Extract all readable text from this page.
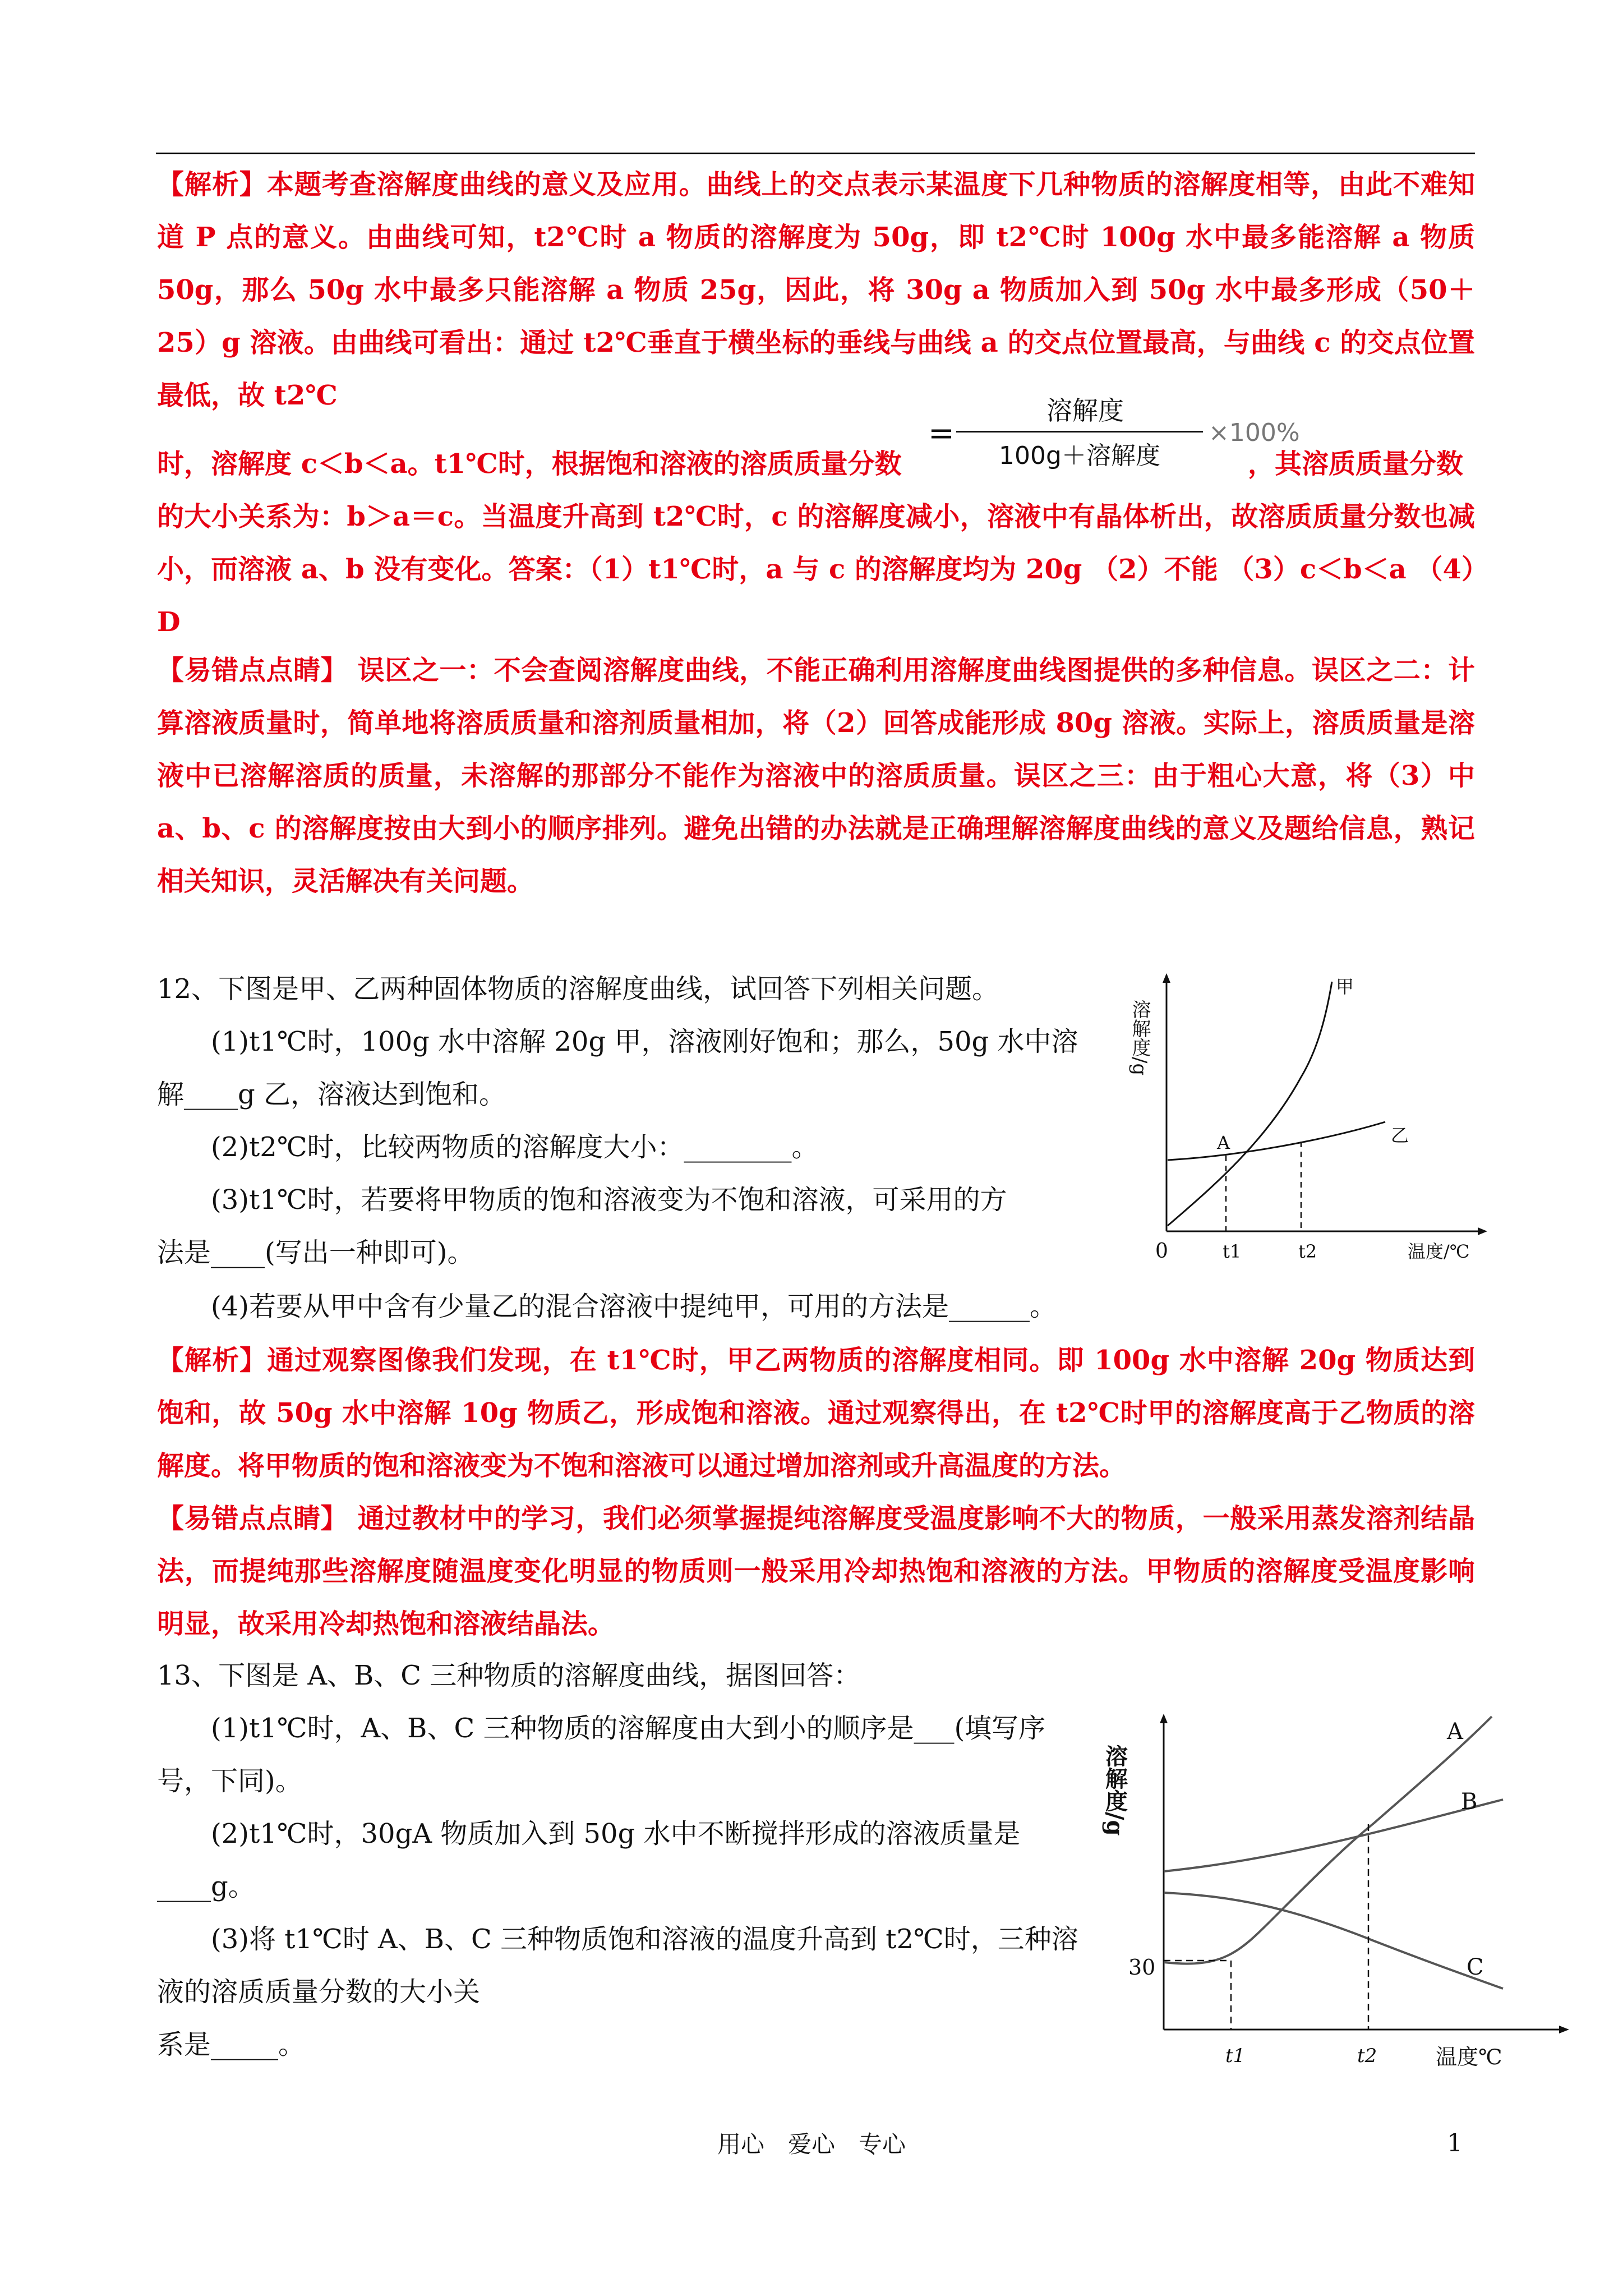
【解析】本题考查溶解度曲线的意义及应用。曲线上的交点表示某温度下几种物质的溶解度相等，由此不难知道 P 点的意义。由曲线可知，t2℃时 a 物质的溶解度为 50g，即 t2℃时 100g 水中最多能溶解 a 物质 50g，那么 50g 水中最多只能溶解 a 物质 25g，因此，将 30g a 物质加入到 50g 水中最多形成（50＋25）g 溶液。由曲线可看出：通过 t2℃垂直于横坐标的垂线与曲线 a 的交点位置最高，与曲线 c 的交点位置最低，故 t2℃

时，溶解度 c＜b＜a。t1℃时，根据饱和溶液的溶质质量分数	，其溶质质量分数
=
溶解度
100g＋溶解度
×100%

的大小关系为：b＞a＝c。当温度升高到 t2℃时，c 的溶解度减小，溶液中有晶体析出，故溶质质量分数也减小，而溶液 a、b 没有变化。答案：（1）t1℃时，a 与 c 的溶解度均为 20g （2）不能 （3）c＜b＜a （4）D

【易错点点睛】 误区之一：不会查阅溶解度曲线，不能正确利用溶解度曲线图提供的多种信息。误区之二：计算溶液质量时，简单地将溶质质量和溶剂质量相加，将（2）回答成能形成 80g 溶液。实际上，溶质质量是溶液中已溶解溶质的质量，未溶解的那部分不能作为溶液中的溶质质量。误区之三：由于粗心大意，将（3）中 a、b、c 的溶解度按由大到小的顺序排列。避免出错的办法就是正确理解溶解度曲线的意义及题给信息，熟记相关知识，灵活解决有关问题。

12、下图是甲、乙两种固体物质的溶解度曲线，试回答下列相关问题。

(1)t1℃时，100g 水中溶解 20g 甲，溶液刚好饱和；那么，50g 水中溶

解____g 乙，溶液达到饱和。

(2)t2℃时，比较两物质的溶解度大小：________。

(3)t1℃时，若要将甲物质的饱和溶液变为不饱和溶液，可采用的方

法是____(写出一种即可)。

(4)若要从甲中含有少量乙的混合溶液中提纯甲，可用的方法是______。

溶解度/g
0	t1	t2	温度/℃
A
甲
乙

【解析】通过观察图像我们发现，在 t1℃时，甲乙两物质的溶解度相同。即 100g 水中溶解 20g 物质达到饱和，故 50g 水中溶解 10g 物质乙，形成饱和溶液。通过观察得出，在 t2℃时甲的溶解度高于乙物质的溶解度。将甲物质的饱和溶液变为不饱和溶液可以通过增加溶剂或升高温度的方法。

【易错点点睛】 通过教材中的学习，我们必须掌握提纯溶解度受温度影响不大的物质，一般采用蒸发溶剂结晶法，而提纯那些溶解度随温度变化明显的物质则一般采用冷却热饱和溶液的方法。甲物质的溶解度受温度影响明显，故采用冷却热饱和溶液结晶法。

13、下图是 A、B、C 三种物质的溶解度曲线，据图回答：

(1)t1℃时，A、B、C 三种物质的溶解度由大到小的顺序是___(填写序

号，下同)。

(2)t1℃时，30gA 物质加入到 50g 水中不断搅拌形成的溶液质量是

____g。

(3)将 t1℃时 A、B、C 三种物质饱和溶液的温度升高到 t2℃时，三种溶

液的溶质质量分数的大小关

系是_____。

溶解度/g
30
t1	t2	温度℃
A
B
C
用心　爱心　专心	1
